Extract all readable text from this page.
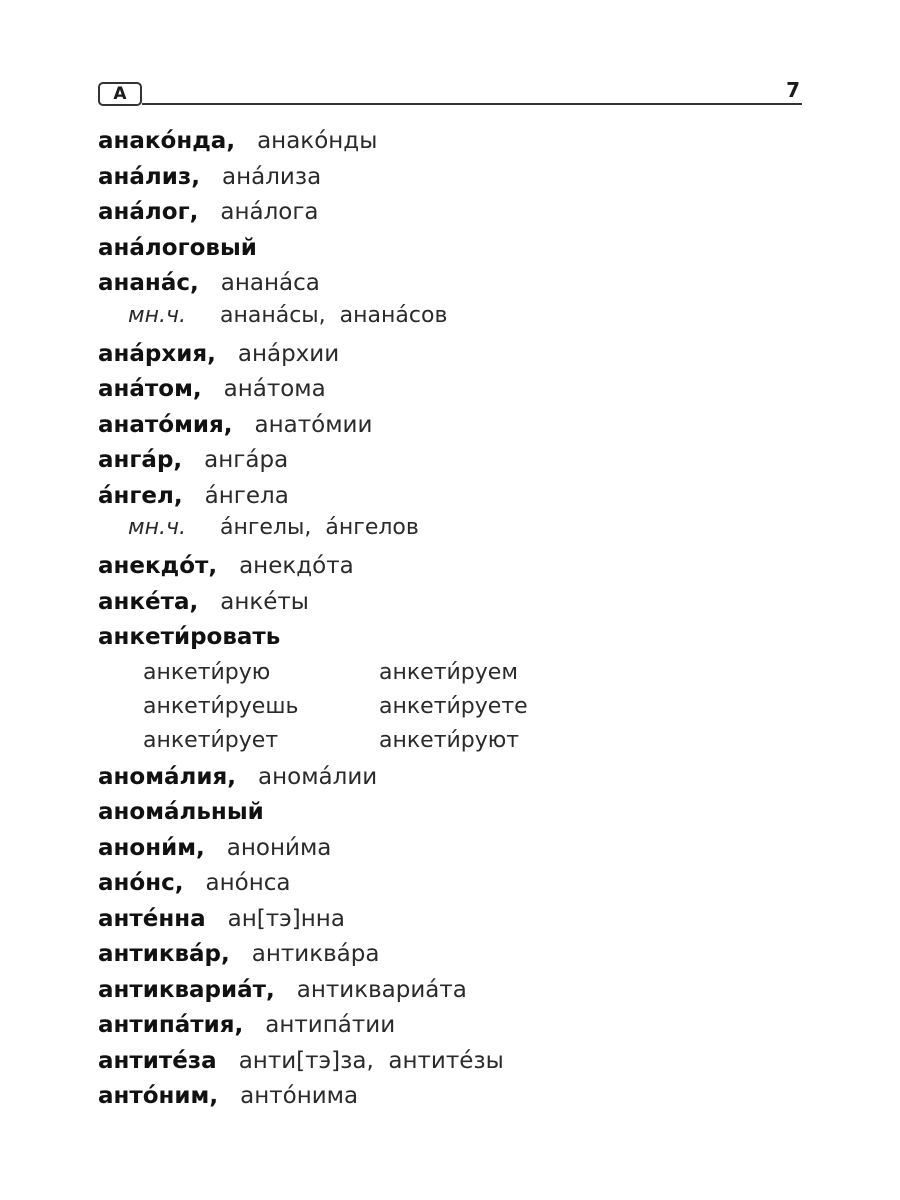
А	7
анако́нда, анако́нды
ана́лиз, ана́лиза
ана́лог, ана́лога
ана́логовый
анана́с, анана́са
мн.ч. анана́сы, анана́сов
ана́рхия, ана́рхии
ана́том, ана́тома
анато́мия, анато́мии
анга́р, анга́ра
а́нгел, а́нгела
мн.ч. а́нгелы, а́нгелов
анекдо́т, анекдо́та
анке́та, анке́ты
анкети́ровать
анкети́рую	анкети́руем
анкети́руешь	анкети́руете
анкети́рует	анкети́руют
анома́лия, анома́лии
анома́льный
анони́м, анони́ма
ано́нс, ано́нса
анте́нна ан[тэ]нна
антиква́р, антиква́ра
антиквариа́т, антиквариа́та
антипа́тия, антипа́тии
антите́за анти[тэ]за,  антите́зы
анто́ним, анто́нима
